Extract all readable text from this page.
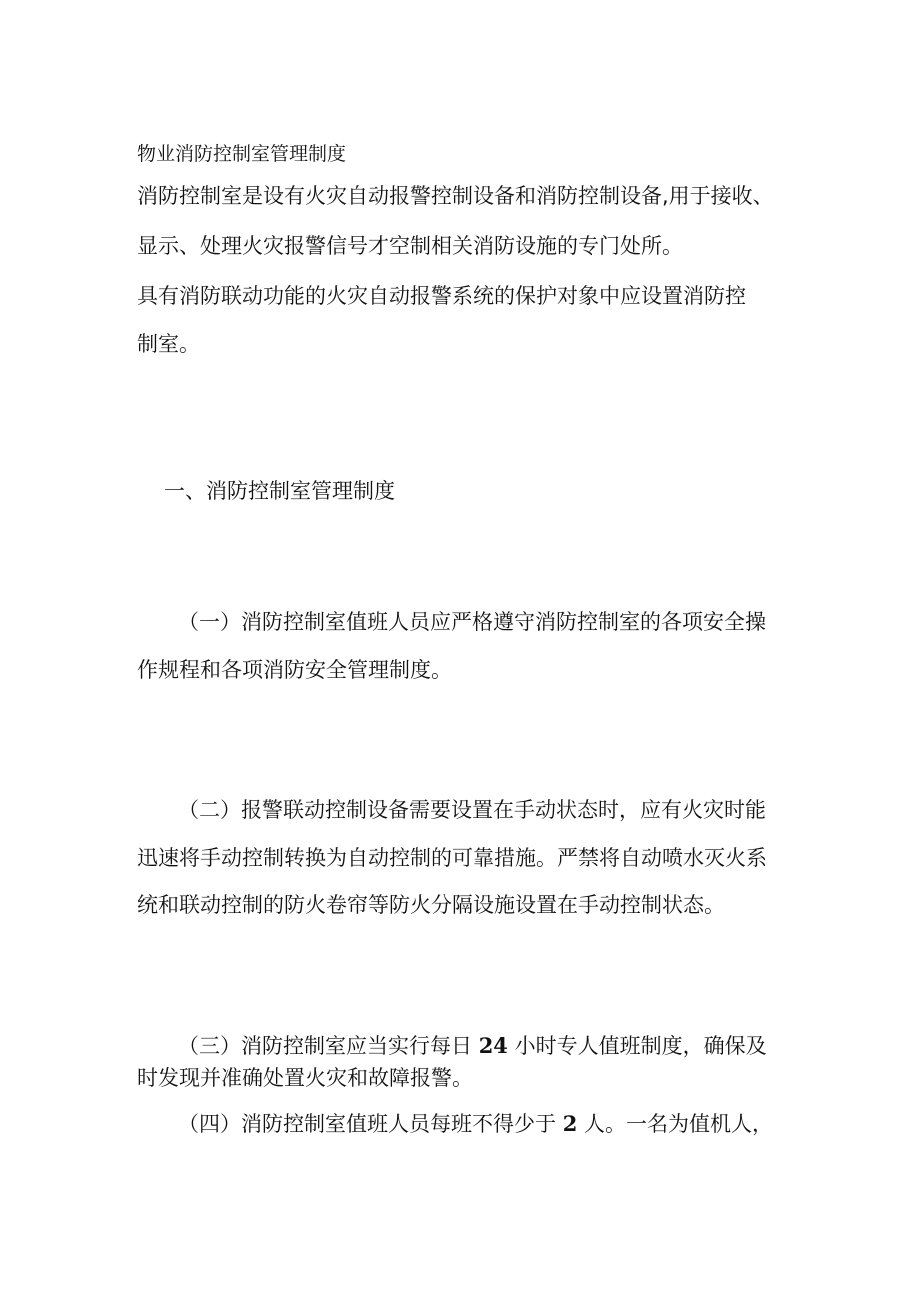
物业消防控制室管理制度
消防控制室是设有火灾自动报警控制设备和消防控制设备,用于接收、
显示、处理火灾报警信号才空制相关消防设施的专门处所。
具有消防联动功能的火灾自动报警系统的保护对象中应设置消防控
制室。
一、消防控制室管理制度
（一）消防控制室值班人员应严格遵守消防控制室的各项安全操
作规程和各项消防安全管理制度。
（二）报警联动控制设备需要设置在手动状态时，应有火灾时能
迅速将手动控制转换为自动控制的可靠措施。严禁将自动喷水灭火系
统和联动控制的防火卷帘等防火分隔设施设置在手动控制状态。
（三）消防控制室应当实行每日 24 小时专人值班制度，确保及
时发现并准确处置火灾和故障报警。
（四）消防控制室值班人员每班不得少于 2 人。一名为值机人，
